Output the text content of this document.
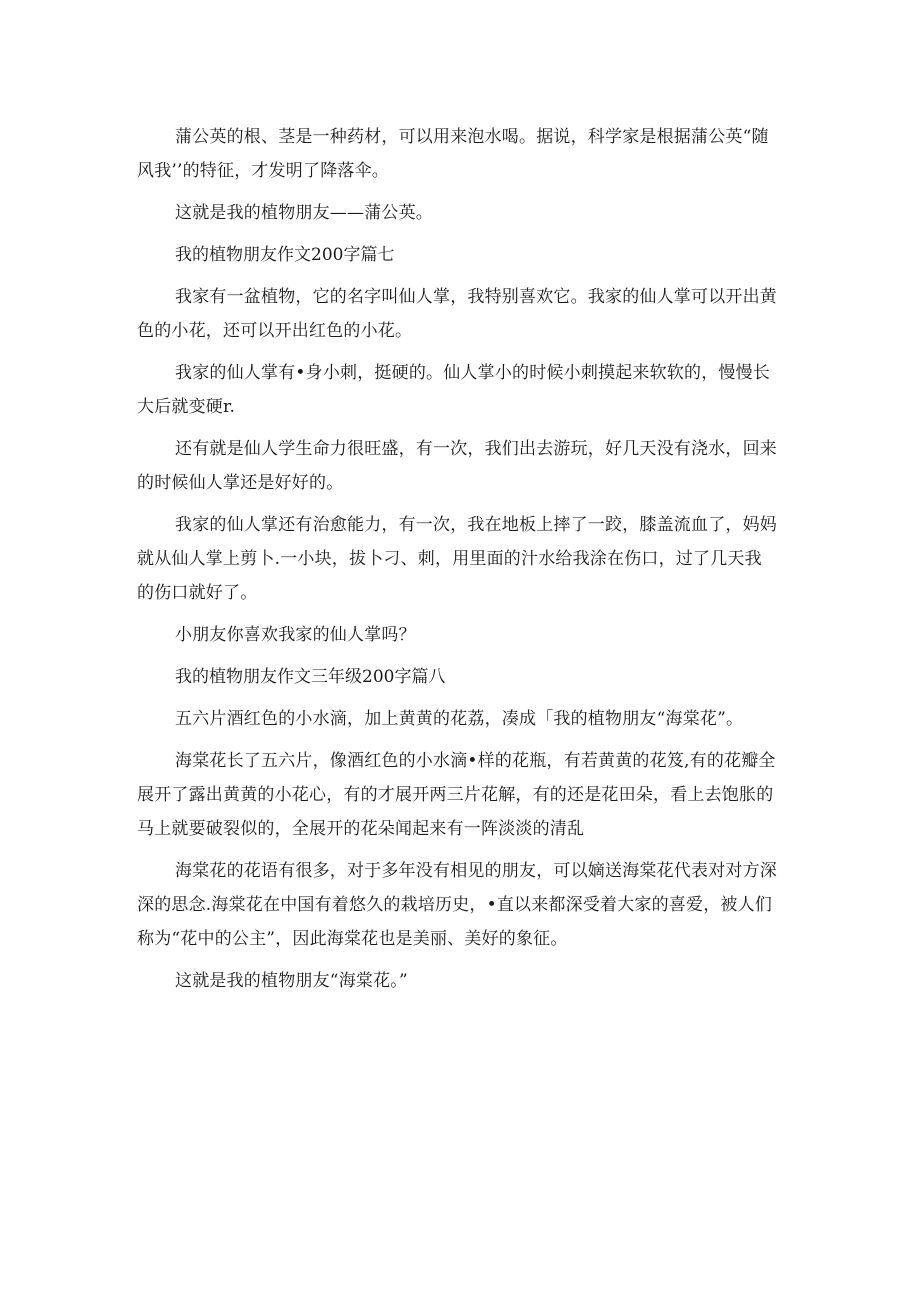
蒲公英的根、茎是一种药材，可以用来泡水喝。据说，科学家是根据蒲公英“随风我’’的特征，才发明了降落伞。

这就是我的植物朋友——蒲公英。

我的植物朋友作文200字篇七

我家有一盆植物，它的名字叫仙人掌，我特别喜欢它。我家的仙人掌可以开出黄色的小花，还可以开出红色的小花。

我家的仙人掌有•身小刺，挺硬的。仙人掌小的时候小刺摸起来软软的，慢慢长大后就变硬r.

还有就是仙人学生命力很旺盛，有一次，我们出去游玩，好几天没有浇水，回来的时候仙人掌还是好好的。

我家的仙人掌还有治愈能力，有一次，我在地板上摔了一跤，膝盖流血了，妈妈就从仙人掌上剪卜.一小块，拔卜刁、刺，用里面的汁水给我涂在伤口，过了几天我的伤口就好了。

小朋友你喜欢我家的仙人掌吗？

我的植物朋友作文三年级200字篇八

五六片酒红色的小水滴，加上黄黄的花荔，凑成「我的植物朋友“海棠花”。

海棠花长了五六片，像酒红色的小水滴•样的花瓶，有若黄黄的花笈,有的花瓣全展开了露出黄黄的小花心，有的才展开两三片花解，有的还是花田朵，看上去饱胀的马上就要破裂似的，全展开的花朵闻起来有一阵淡淡的清乱

海棠花的花语有很多，对于多年没有相见的朋友，可以嫡送海棠花代表对对方深深的思念.海棠花在中国有着悠久的栽培历史，•直以来都深受着大家的喜爱，被人们称为“花中的公主”，因此海棠花也是美丽、美好的象征。

这就是我的植物朋友“海棠花。”
